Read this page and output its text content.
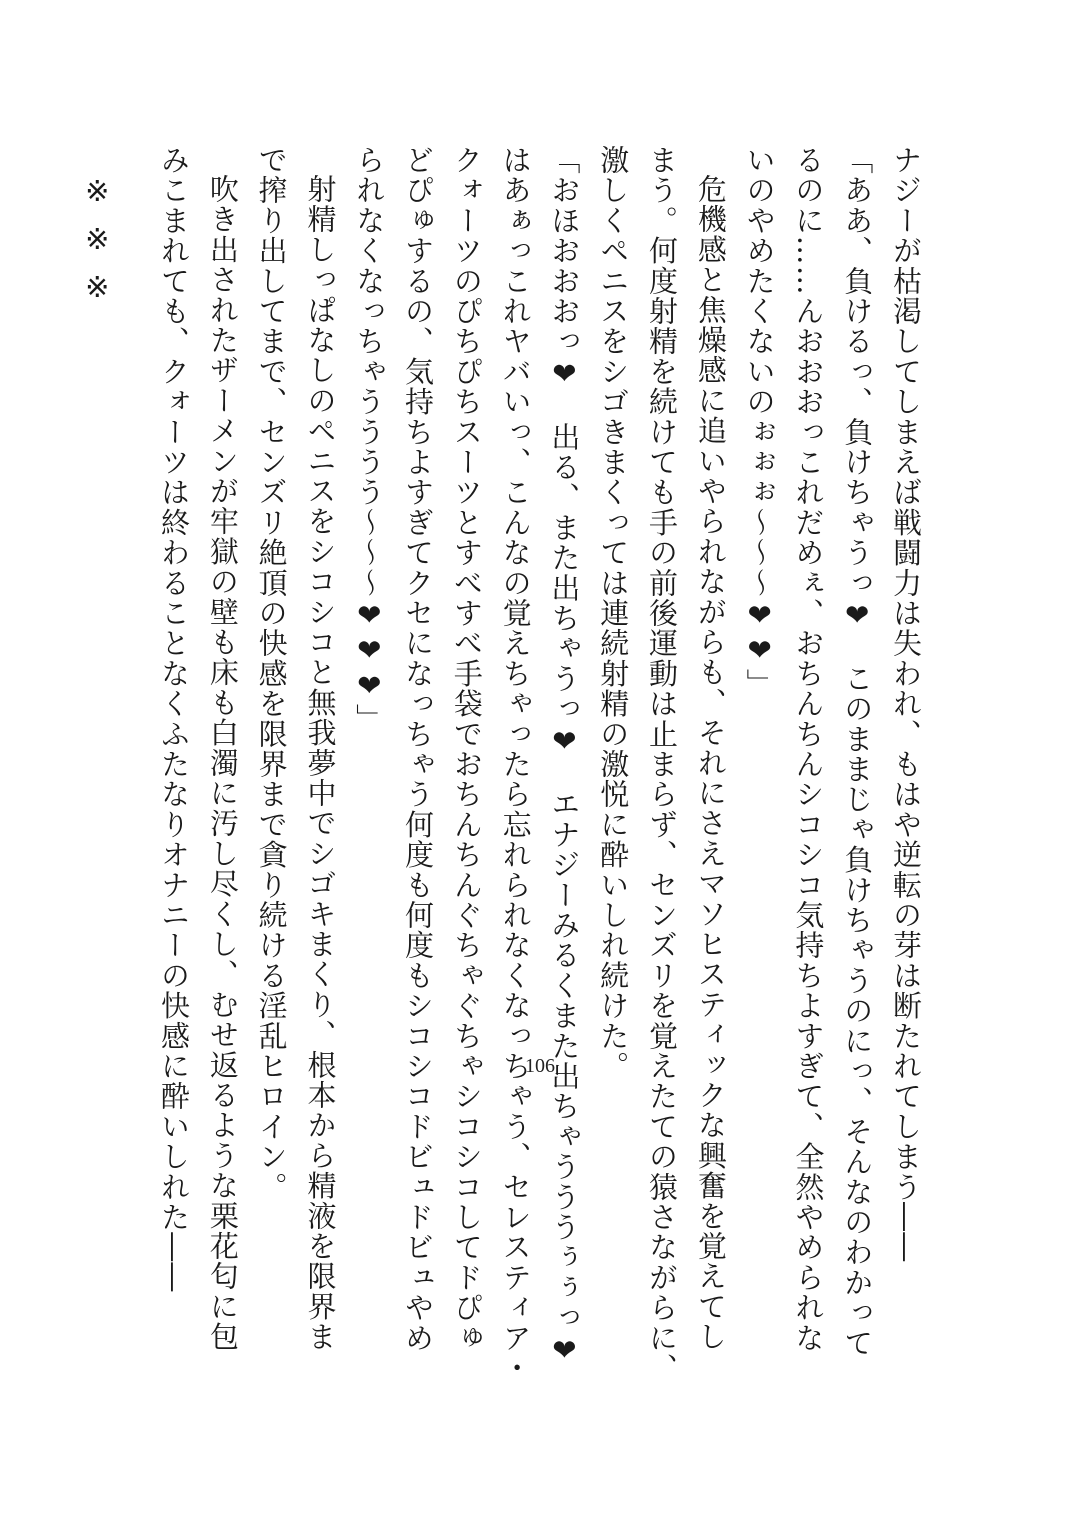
ナジーが枯渇してしまえば戦闘力は失われ、もはや逆転の芽は断たれてしまう――
「ああ、負けるっ、負けちゃうっ❤　このままじゃ負けちゃうのにっ、そんなのわかって
るのに……んおおおっこれだめぇ、おちんちんシコシコ気持ちよすぎて、全然やめられな
いのやめたくないのぉぉぉ～～～❤❤」
危機感と焦燥感に追いやられながらも、それにさえマソヒスティックな興奮を覚えてし
まう。何度射精を続けても手の前後運動は止まらず、センズリを覚えたての猿さながらに、
激しくペニスをシゴきまくっては連続射精の激悦に酔いしれ続けた。
「おほおおおっ❤　出る、また出ちゃうっ❤　エナジーみるくまた出ちゃうううぅぅっ❤
はあぁっこれヤバいっ、こんなの覚えちゃったら忘れられなくなっちゃう、セレスティア・
クォーツのぴちぴちスーツとすべすべ手袋でおちんちんぐちゃぐちゃシコシコしてドぴゅ
どぴゅするの、気持ちよすぎてクセになっちゃう何度も何度もシコシコドビュドビュやめ
られなくなっちゃうううう～～～❤❤❤」
射精しっぱなしのペニスをシコシコと無我夢中でシゴキまくり、根本から精液を限界ま
で搾り出してまで、センズリ絶頂の快感を限界まで貪り続ける淫乱ヒロイン。
吹き出されたザーメンが牢獄の壁も床も白濁に汚し尽くし、むせ返るような栗花匂に包
みこまれても、クォーツは終わることなくふたなりオナニーの快感に酔いしれた――
※※※
106
